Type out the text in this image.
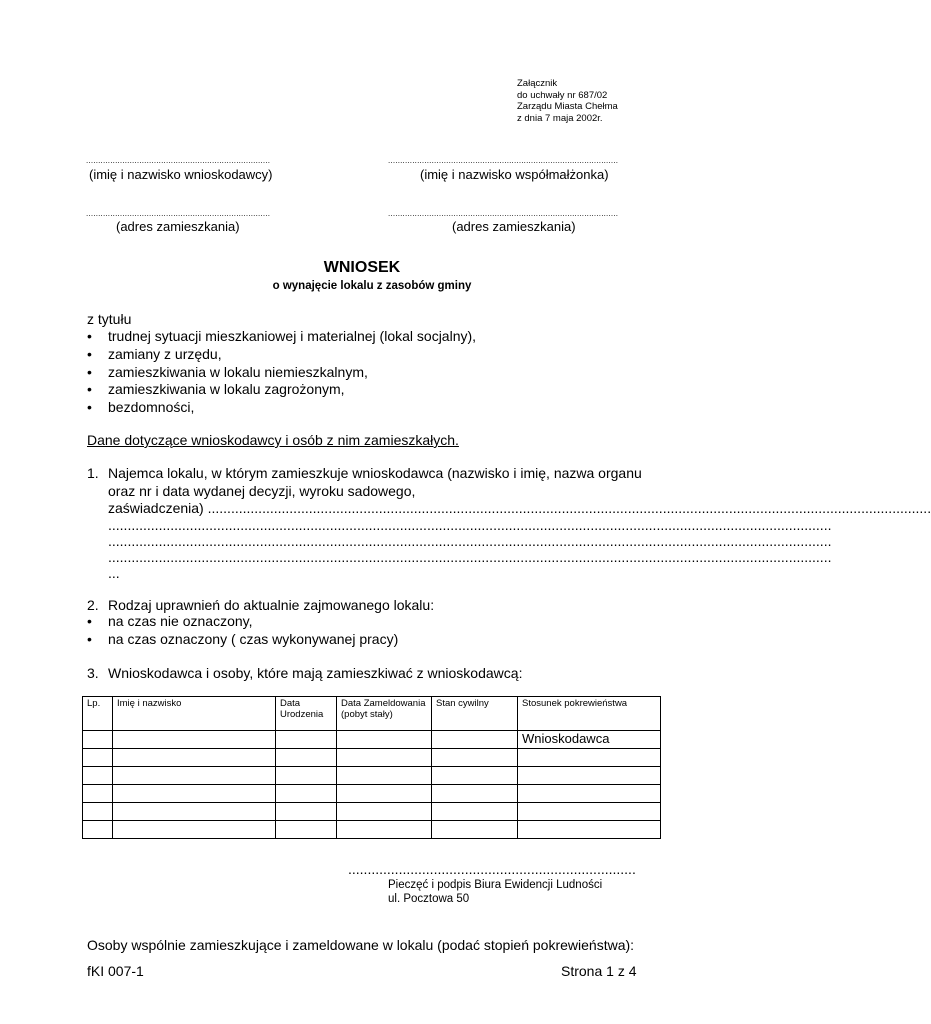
Załącznik
do uchwały nr 687/02
Zarządu Miasta Chełma
z dnia 7 maja 2002r.
............................................................................	...............................................................................................
(imię i nazwisko wnioskodawcy)	(imię i nazwisko współmałżonka)
............................................................................	...............................................................................................
(adres zamieszkania)	(adres zamieszkania)
WNIOSEK
o wynajęcie lokalu z zasobów gminy
z tytułu
• trudnej sytuacji mieszkaniowej i materialnej (lokal socjalny),
• zamiany z urzędu,
• zamieszkiwania w lokalu niemieszkalnym,
• zamieszkiwania w lokalu zagrożonym,
• bezdomności,
Dane dotyczące wnioskodawcy i osób z nim zamieszkałych.
1. Najemca lokalu, w którym zamieszkuje wnioskodawca (nazwisko i imię, nazwa organu
oraz nr i data wydanej decyzji, wyroku sadowego,
zaświadczenia) ..........................................................................................................................................................................................
..........................................................................................................................................................................................
..........................................................................................................................................................................................
..........................................................................................................................................................................................
...
2. Rodzaj uprawnień do aktualnie zajmowanego lokalu:
• na czas nie oznaczony,
• na czas oznaczony ( czas wykonywanej pracy)
3. Wnioskodawca i osoby, które mają zamieszkiwać z wnioskodawcą:
Lp.	Imię i nazwisko	Data Urodzenia	Data Zameldowania (pobyt stały)	Stan cywilny	Stosunek pokrewieństwa
					Wnioskodawca

..........................................................................
Pieczęć i podpis Biura Ewidencji Ludności
ul. Pocztowa 50
Osoby wspólnie zamieszkujące i zameldowane w lokalu (podać stopień pokrewieństwa):
fKI 007-1	Strona 1 z 4
